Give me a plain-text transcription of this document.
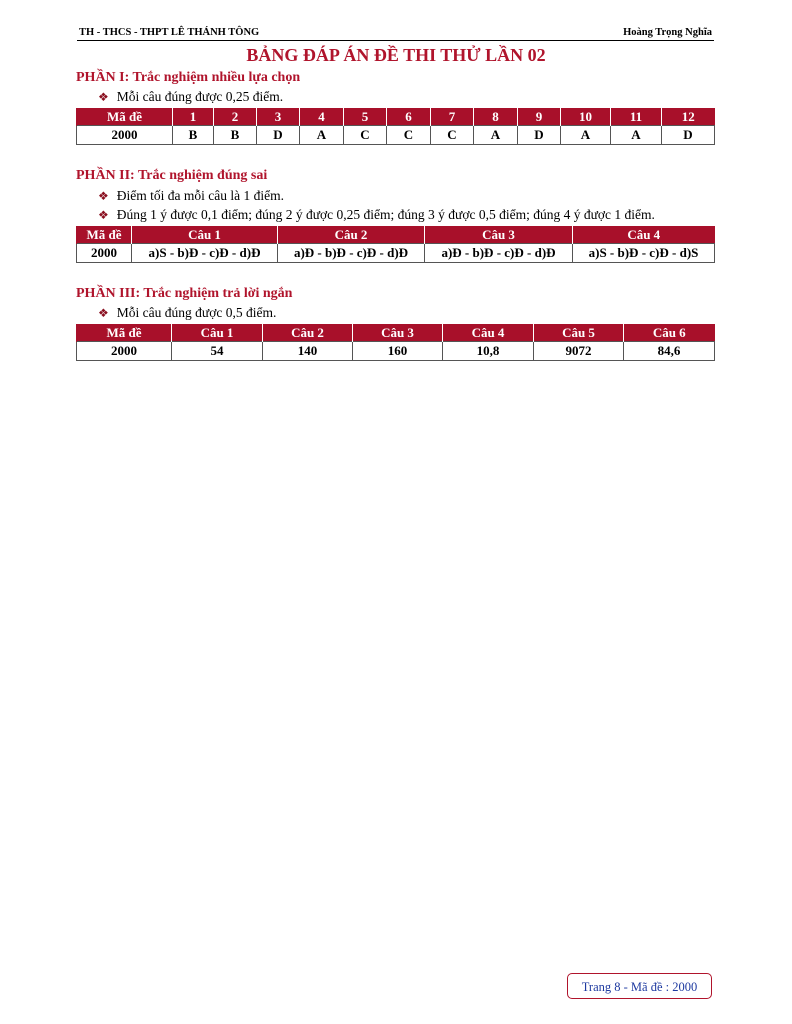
TH - THCS - THPT LÊ THÁNH TÔNG	Hoàng Trọng Nghĩa
BẢNG ĐÁP ÁN ĐỀ THI THỬ LẦN 02
PHẦN I: Trắc nghiệm nhiều lựa chọn
❖ Mỗi câu đúng được 0,25 điểm.
Mã đề	1	2	3	4	5	6	7	8	9	10	11	12
2000	B	B	D	A	C	C	C	A	D	A	A	D
PHẦN II: Trắc nghiệm đúng sai
❖ Điểm tối đa mỗi câu là 1 điểm.
❖ Đúng 1 ý được 0,1 điểm; đúng 2 ý được 0,25 điểm; đúng 3 ý được 0,5 điểm; đúng 4 ý được 1 điểm.
Mã đề	Câu 1	Câu 2	Câu 3	Câu 4
2000	a)S - b)Đ - c)Đ - d)Đ	a)Đ - b)Đ - c)Đ - d)Đ	a)Đ - b)Đ - c)Đ - d)Đ	a)S - b)Đ - c)Đ - d)S
PHẦN III: Trắc nghiệm trả lời ngắn
❖ Mỗi câu đúng được 0,5 điểm.
Mã đề	Câu 1	Câu 2	Câu 3	Câu 4	Câu 5	Câu 6
2000	54	140	160	10,8	9072	84,6
Trang 8 - Mã đề : 2000
